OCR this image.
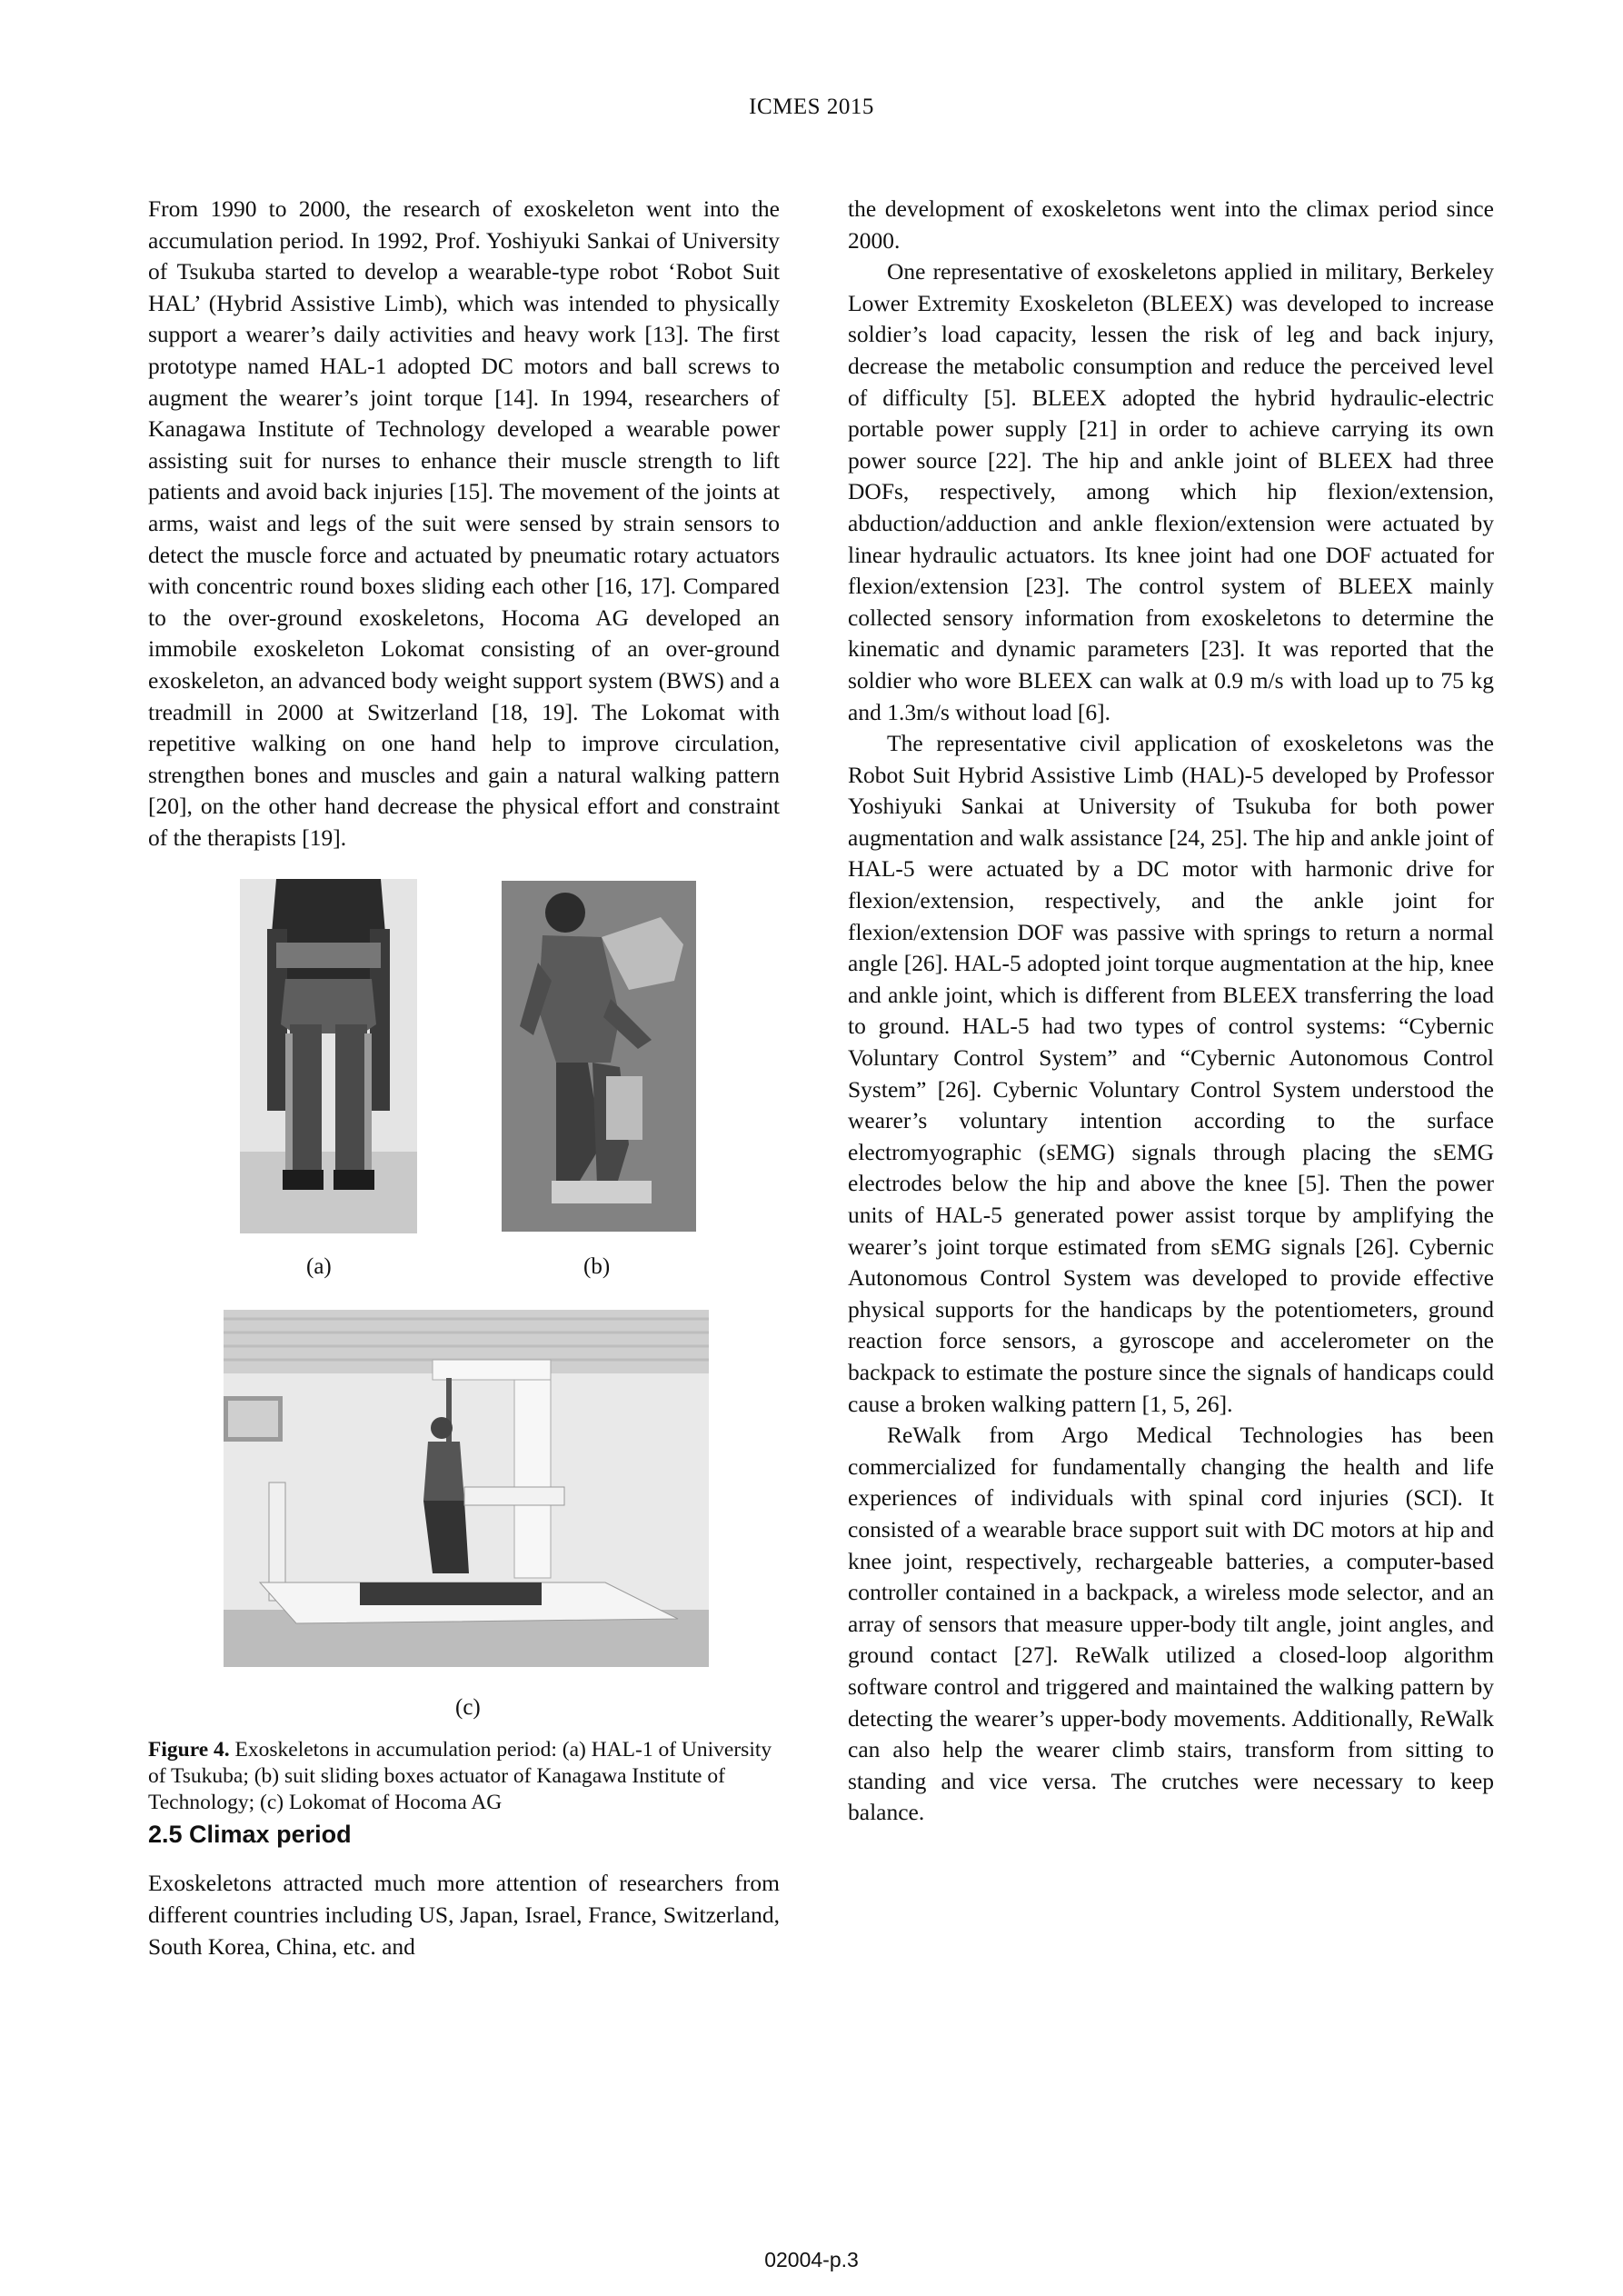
ICMES 2015

From 1990 to 2000, the research of exoskeleton went into the accumulation period. In 1992, Prof. Yoshiyuki Sankai of University of Tsukuba started to develop a wearable-type robot ‘Robot Suit HAL’ (Hybrid Assistive Limb), which was intended to physically support a wearer’s daily activities and heavy work [13]. The first prototype named HAL-1 adopted DC motors and ball screws to augment the wearer’s joint torque [14]. In 1994, researchers of Kanagawa Institute of Technology developed a wearable power assisting suit for nurses to enhance their muscle strength to lift patients and avoid back injuries [15]. The movement of the joints at arms, waist and legs of the suit were sensed by strain sensors to detect the muscle force and actuated by pneumatic rotary actuators with concentric round boxes sliding each other [16, 17]. Compared to the over-ground exoskeletons, Hocoma AG developed an immobile exoskeleton Lokomat consisting of an over-ground exoskeleton, an advanced body weight support system (BWS) and a treadmill in 2000 at Switzerland [18, 19]. The Lokomat with repetitive walking on one hand help to improve circulation, strengthen bones and muscles and gain a natural walking pattern [20], on the other hand decrease the physical effort and constraint of the therapists [19].

(a)	(b)
(c)
Figure 4. Exoskeletons in accumulation period: (a) HAL-1 of University of Tsukuba; (b) suit sliding boxes actuator of Kanagawa Institute of Technology; (c) Lokomat of Hocoma AG
2.5 Climax period

Exoskeletons attracted much more attention of researchers from different countries including US, Japan, Israel, France, Switzerland, South Korea, China, etc. and

the development of exoskeletons went into the climax period since 2000.

One representative of exoskeletons applied in military, Berkeley Lower Extremity Exoskeleton (BLEEX) was developed to increase soldier’s load capacity, lessen the risk of leg and back injury, decrease the metabolic consumption and reduce the perceived level of difficulty [5]. BLEEX adopted the hybrid hydraulic-electric portable power supply [21] in order to achieve carrying its own power source [22]. The hip and ankle joint of BLEEX had three DOFs, respectively, among which hip flexion/extension, abduction/adduction and ankle flexion/extension were actuated by linear hydraulic actuators. Its knee joint had one DOF actuated for flexion/extension [23]. The control system of BLEEX mainly collected sensory information from exoskeletons to determine the kinematic and dynamic parameters [23]. It was reported that the soldier who wore BLEEX can walk at 0.9 m/s with load up to 75 kg and 1.3m/s without load [6].

The representative civil application of exoskeletons was the Robot Suit Hybrid Assistive Limb (HAL)-5 developed by Professor Yoshiyuki Sankai at University of Tsukuba for both power augmentation and walk assistance [24, 25]. The hip and ankle joint of HAL-5 were actuated by a DC motor with harmonic drive for flexion/extension, respectively, and the ankle joint for flexion/extension DOF was passive with springs to return a normal angle [26]. HAL-5 adopted joint torque augmentation at the hip, knee and ankle joint, which is different from BLEEX transferring the load to ground. HAL-5 had two types of control systems: “Cybernic Voluntary Control System” and “Cybernic Autonomous Control System” [26]. Cybernic Voluntary Control System understood the wearer’s voluntary intention according to the surface electromyographic (sEMG) signals through placing the sEMG electrodes below the hip and above the knee [5]. Then the power units of HAL-5 generated power assist torque by amplifying the wearer’s joint torque estimated from sEMG signals [26]. Cybernic Autonomous Control System was developed to provide effective physical supports for the handicaps by the potentiometers, ground reaction force sensors, a gyroscope and accelerometer on the backpack to estimate the posture since the signals of handicaps could cause a broken walking pattern [1, 5, 26].

ReWalk from Argo Medical Technologies has been commercialized for fundamentally changing the health and life experiences of individuals with spinal cord injuries (SCI). It consisted of a wearable brace support suit with DC motors at hip and knee joint, respectively, rechargeable batteries, a computer-based controller contained in a backpack, a wireless mode selector, and an array of sensors that measure upper-body tilt angle, joint angles, and ground contact [27]. ReWalk utilized a closed-loop algorithm software control and triggered and maintained the walking pattern by detecting the wearer’s upper-body movements. Additionally, ReWalk can also help the wearer climb stairs, transform from sitting to standing and vice versa. The crutches were necessary to keep balance.

02004-p.3
